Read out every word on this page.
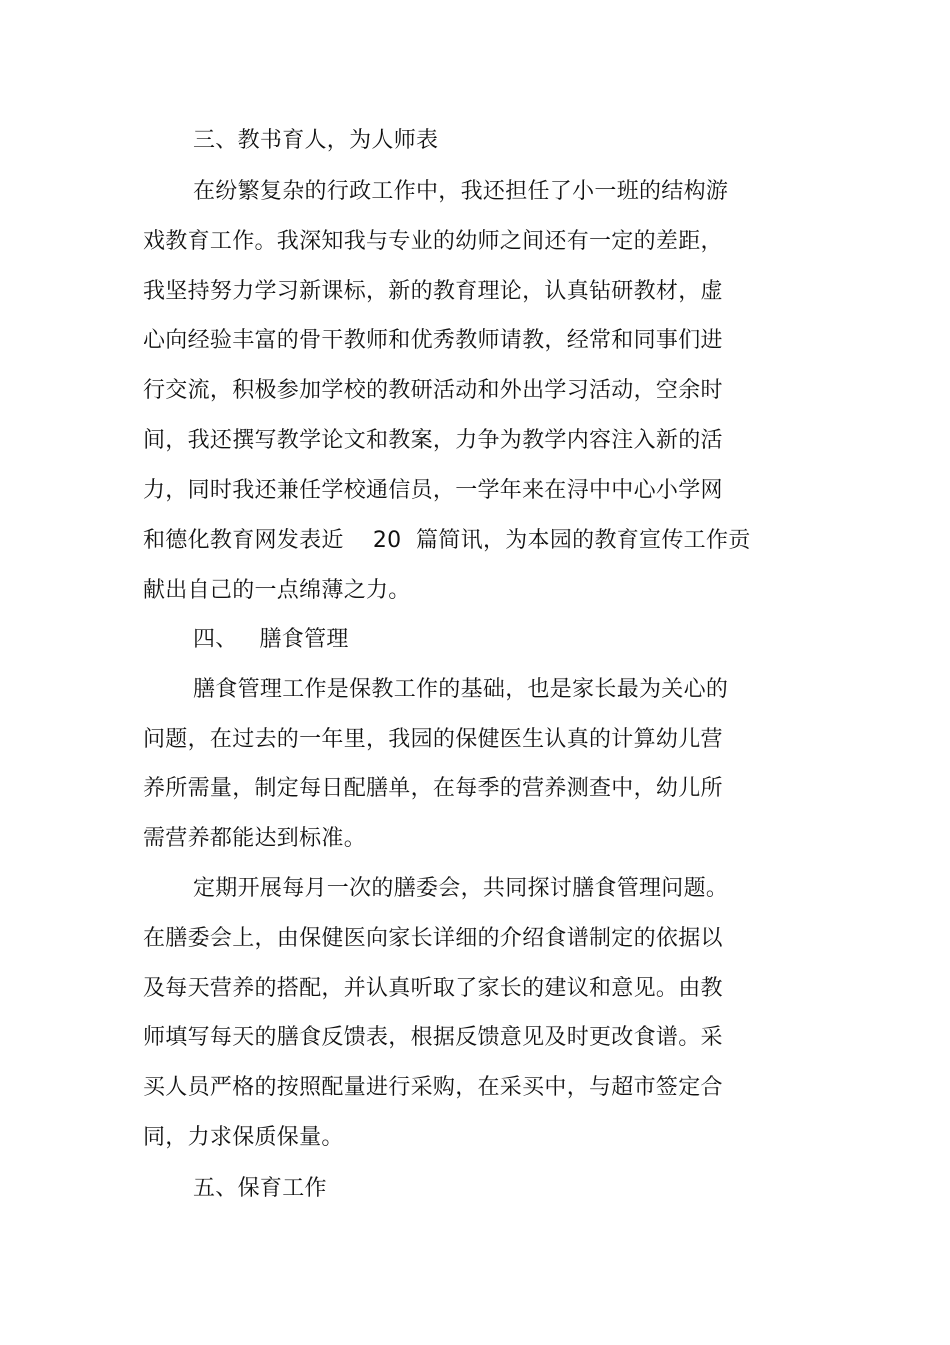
三、教书育人，为人师表
在纷繁复杂的行政工作中，我还担任了小一班的结构游
戏教育工作。我深知我与专业的幼师之间还有一定的差距，
我坚持努力学习新课标，新的教育理论，认真钻研教材，虚
心向经验丰富的骨干教师和优秀教师请教，经常和同事们进
行交流，积极参加学校的教研活动和外出学习活动，空余时
间，我还撰写教学论文和教案，力争为教学内容注入新的活
力，同时我还兼任学校通信员，一学年来在浔中中心小学网
和德化教育网发表近    20  篇简讯，为本园的教育宣传工作贡
献出自己的一点绵薄之力。
四、   膳食管理
膳食管理工作是保教工作的基础，也是家长最为关心的
问题，在过去的一年里，我园的保健医生认真的计算幼儿营
养所需量，制定每日配膳单，在每季的营养测查中，幼儿所
需营养都能达到标准。
定期开展每月一次的膳委会，共同探讨膳食管理问题。
在膳委会上，由保健医向家长详细的介绍食谱制定的依据以
及每天营养的搭配，并认真听取了家长的建议和意见。由教
师填写每天的膳食反馈表，根据反馈意见及时更改食谱。采
买人员严格的按照配量进行采购，在采买中，与超市签定合
同，力求保质保量。
五、保育工作
